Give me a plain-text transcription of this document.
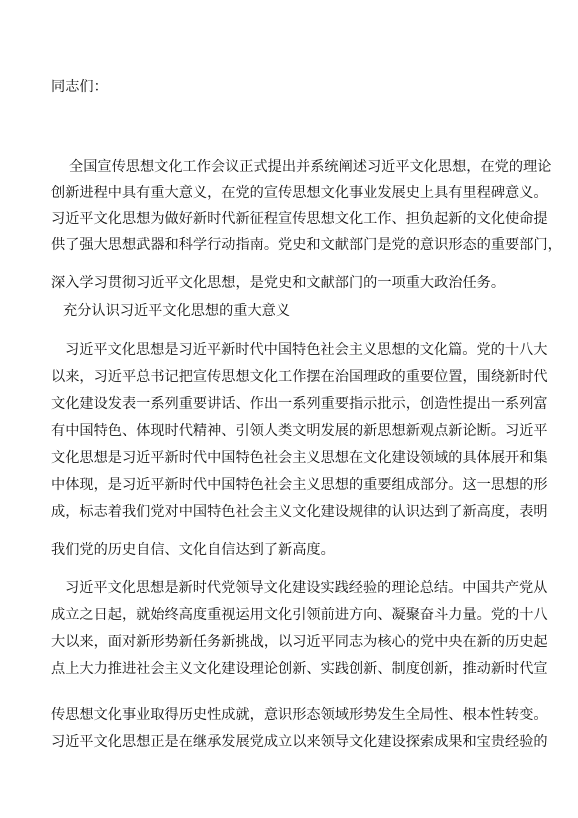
同志们：
全国宣传思想文化工作会议正式提出并系统阐述习近平文化思想，在党的理论
创新进程中具有重大意义，在党的宣传思想文化事业发展史上具有里程碑意义。
习近平文化思想为做好新时代新征程宣传思想文化工作、担负起新的文化使命提
供了强大思想武器和科学行动指南。党史和文献部门是党的意识形态的重要部门，
深入学习贯彻习近平文化思想，是党史和文献部门的一项重大政治任务。
充分认识习近平文化思想的重大意义
习近平文化思想是习近平新时代中国特色社会主义思想的文化篇。党的十八大
以来，习近平总书记把宣传思想文化工作摆在治国理政的重要位置，围绕新时代
文化建设发表一系列重要讲话、作出一系列重要指示批示，创造性提出一系列富
有中国特色、体现时代精神、引领人类文明发展的新思想新观点新论断。习近平
文化思想是习近平新时代中国特色社会主义思想在文化建设领域的具体展开和集
中体现，是习近平新时代中国特色社会主义思想的重要组成部分。这一思想的形
成，标志着我们党对中国特色社会主义文化建设规律的认识达到了新高度，表明
我们党的历史自信、文化自信达到了新高度。
习近平文化思想是新时代党领导文化建设实践经验的理论总结。中国共产党从
成立之日起，就始终高度重视运用文化引领前进方向、凝聚奋斗力量。党的十八
大以来，面对新形势新任务新挑战，以习近平同志为核心的党中央在新的历史起
点上大力推进社会主义文化建设理论创新、实践创新、制度创新，推动新时代宣
传思想文化事业取得历史性成就，意识形态领域形势发生全局性、根本性转变。
习近平文化思想正是在继承发展党成立以来领导文化建设探索成果和宝贵经验的
